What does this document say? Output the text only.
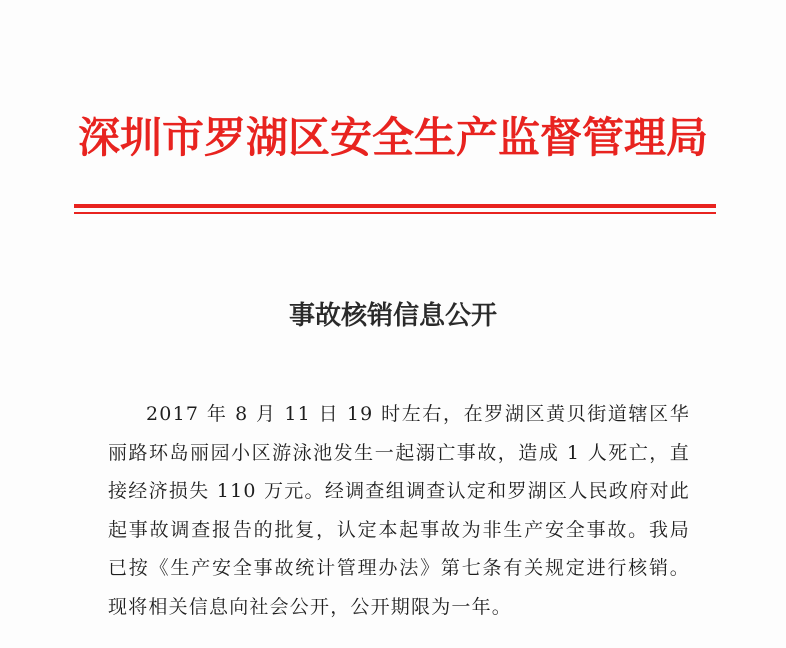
深圳市罗湖区安全生产监督管理局
事故核销信息公开

2017 年 8 月 11 日 19 时左右，在罗湖区黄贝街道辖区华丽路环岛丽园小区游泳池发生一起溺亡事故，造成 1 人死亡，直接经济损失 110 万元。经调查组调查认定和罗湖区人民政府对此起事故调查报告的批复，认定本起事故为非生产安全事故。我局已按《生产安全事故统计管理办法》第七条有关规定进行核销。现将相关信息向社会公开，公开期限为一年。
